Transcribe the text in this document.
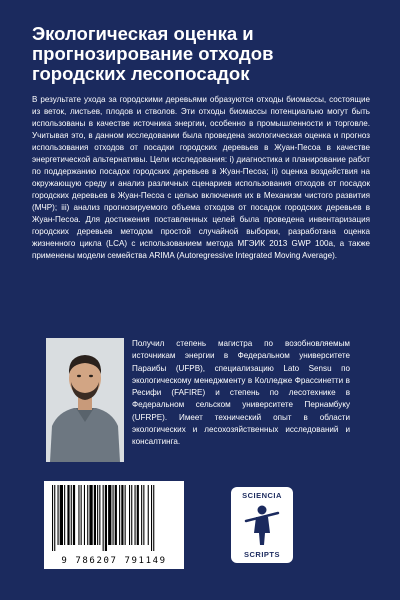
Экологическая оценка и прогнозирование отходов городских лесопосадок

В результате ухода за городскими деревьями образуются отходы биомассы, состоящие из веток, листьев, плодов и стволов. Эти отходы биомассы потенциально могут быть использованы в качестве источника энергии, особенно в промышленности и торговле. Учитывая это, в данном исследовании была проведена экологическая оценка и прогноз использования отходов от посадки городских деревьев в Жуан-Песоа в качестве энергетической альтернативы. Цели исследования: i) диагностика и планирование работ по поддержанию посадок городских деревьев в Жуан-Песоа; ii) оценка воздействия на окружающую среду и анализ различных сценариев использования отходов от посадок городских деревьев в Жуан-Песоа с целью включения их в Механизм чистого развития (МЧР); iii) анализ прогнозируемого объема отходов от посадок городских деревьев в Жуан-Песоа. Для достижения поставленных целей была проведена инвентаризация городских деревьев методом простой случайной выборки, разработана оценка жизненного цикла (LCA) с использованием метода МГЭИК 2013 GWP 100a, а также применены модели семейства ARIMA (Autoregressive Integrated Moving Average).

Получил степень магистра по возобновляемым источникам энергии в Федеральном университете Параибы (UFPB), специализацию Lato Sensu по экологическому менеджменту в Колледже Фрассинетти в Ресифи (FAFIRE) и степень по лесотехнике в Федеральном сельском университете Пернамбуку (UFRPE). Имеет технический опыт в области экологических и лесохозяйственных исследований и консалтинга.

9 786207 791149
SCIENCIA
SCRIPTS
